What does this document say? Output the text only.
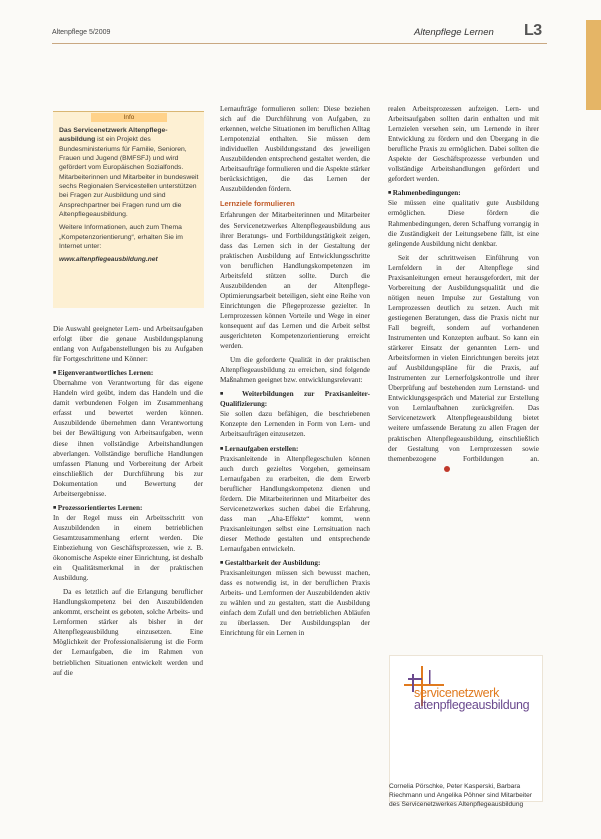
Altenpflege 5/2009	Altenpflege Lernen L3
Info

Das Servicenetzwerk Altenpflege-ausbildung ist ein Projekt des Bundesministeriums für Familie, Senioren, Frauen und Jugend (BMFSFJ) und wird gefördert vom Europäischen Sozialfonds. Mitarbeiterinnen und Mitarbeiter in bundesweit sechs Regionalen Servicestellen unterstützen bei Fragen zur Ausbildung und sind Ansprechpartner bei Fragen rund um die Altenpflegeausbildung.

Weitere Informationen, auch zum Thema „Kompetenzorientierung“, erhalten Sie im Internet unter:

www.altenpflegeausbildung.net

Die Auswahl geeigneter Lern- und Arbeitsaufgaben erfolgt über die genaue Ausbildungsplanung entlang von Aufgabenstellungen bis zu Aufgaben für Fortgeschrittene und Könner:

■ Eigenverantwortliches Lernen:

Übernahme von Verantwortung für das eigene Handeln wird geübt, indem das Handeln und die damit verbundenen Folgen im Zusammenhang erfasst und bewertet werden können. Auszubildende übernehmen dann Verantwortung bei der Bewältigung von Arbeitsaufgaben, wenn diese ihnen vollständige Arbeitshandlungen abverlangen. Vollständige berufliche Handlungen umfassen Planung und Vorbereitung der Arbeit einschließlich der Durchführung bis zur Dokumentation und Bewertung der Arbeitsergebnisse.

■ Prozessorientiertes Lernen:

In der Regel muss ein Arbeitsschritt von Auszubildenden in einem betrieblichen Gesamtzusammenhang erlernt werden. Die Einbeziehung von Geschäftsprozessen, wie z. B. ökonomische Aspekte einer Einrichtung, ist deshalb ein Qualitätsmerkmal in der praktischen Ausbildung.

Da es letztlich auf die Erlangung beruflicher Handlungskompetenz bei den Auszubildenden ankommt, erscheint es geboten, solche Arbeits- und Lernformen stärker als bisher in der Altenpflegeausbildung einzusetzen. Eine Möglichkeit der Professionalisierung ist die Form der Lernaufgaben, die im Rahmen von betrieblichen Situationen entwickelt werden und auf die

Lernaufträge formulieren sollen: Diese beziehen sich auf die Durchführung von Aufgaben, zu erkennen, welche Situationen im beruflichen Alltag Lernpotenzial enthalten. Sie müssen dem individuellen Ausbildungsstand des jeweiligen Auszubildenden entsprechend gestaltet werden, die Arbeitsaufträge formulieren und die Aspekte stärker berücksichtigen, die das Lernen der Auszubildenden fördern.

Lernziele formulieren

Erfahrungen der Mitarbeiterinnen und Mitarbeiter des Servicenetzwerkes Altenpflegeausbildung aus ihrer Beratungs- und Fortbildungstätigkeit zeigen, dass das Lernen sich in der Gestaltung der praktischen Ausbildung auf Entwicklungsschritte von beruflichen Handlungskompetenzen im Arbeitsfeld stützen sollte. Durch die Auszubildenden an der Altenpflege-Optimierungsarbeit beteiligen, sieht eine Reihe von Einrichtungen die Pflegeprozesse gezielter. In Lernprozessen können Vorteile und Wege in einer konsequent auf das Lernen und die Arbeit selbst ausgerichteten Kompetenzorientierung erreicht werden.

Um die geforderte Qualität in der praktischen Altenpflegeausbildung zu erreichen, sind folgende Maßnahmen geeignet bzw. entwicklungsrelevant:

■ Weiterbildungen zur Praxisanleiter-Qualifizierung:

Sie sollen dazu befähigen, die beschriebenen Konzepte den Lernenden in Form von Lern- und Arbeitsaufträgen einzusetzen.

■ Lernaufgaben erstellen:

Praxisanleitende in Altenpflegeschulen können auch durch gezieltes Vorgehen, gemeinsam Lernaufgaben zu erarbeiten, die dem Erwerb beruflicher Handlungskompetenz dienen und fördern. Die Mitarbeiterinnen und Mitarbeiter des Servicenetzwerkes suchen dabei die Erfahrung, dass man „Aha-Effekte“ kommt, wenn Praxisanleitungen selbst eine Lernsituation nach dieser Methode gestalten und entsprechende Lernaufgaben entwickeln.

■ Gestaltbarkeit der Ausbildung:

Praxisanleitungen müssen sich bewusst machen, dass es notwendig ist, in der beruflichen Praxis Arbeits- und Lernformen der Auszubildenden aktiv zu wählen und zu gestalten, statt die Ausbildung einfach dem Zufall und den betrieblichen Abläufen zu überlassen. Der Ausbildungsplan der Einrichtung für ein Lernen in

realen Arbeitsprozessen aufzeigen. Lern- und Arbeitsaufgaben sollten darin enthalten und mit Lernzielen versehen sein, um Lernende in ihrer Entwicklung zu fördern und den Übergang in die berufliche Praxis zu ermöglichen. Dabei sollten die Aspekte der Geschäftsprozesse verbunden und vollständige Arbeitshandlungen gefördert und gefordert werden.

■ Rahmenbedingungen:

Sie müssen eine qualitativ gute Ausbildung ermöglichen. Diese fördern die Rahmenbedingungen, deren Schaffung vorrangig in die Zuständigkeit der Leitungsebene fällt, ist eine gelingende Ausbildung nicht denkbar.

Seit der schrittweisen Einführung von Lernfeldern in der Altenpflege sind Praxisanleitungen erneut herausgefordert, mit der Vorbereitung der Ausbildungsqualität und die nötigen neuen Impulse zur Gestaltung von Lernprozessen deutlich zu setzen. Auch mit gestiegenen Beratungen, dass die Praxis nicht nur Fall begreift, sondern auf vorhandenen Instrumenten und Konzepten aufbaut. So kann ein stärkerer Einsatz der genannten Lern- und Arbeitsformen in vielen Einrichtungen bereits jetzt auf Ausbildungspläne für die Praxis, auf Instrumenten zur Lernerfolgskontrolle und ihrer Überprüfung auf bestehenden zum Lernstand- und Entwicklungsgespräch und Material zur Erstellung von Lernlaufbahnen zurückgreifen. Das Servicenetzwerk Altenpflegeausbildung bietet weitere umfassende Beratung zu allen Fragen der praktischen Altenpflegeausbildung, einschließlich der Gestaltung von Lernprozessen sowie themenbezogene Fortbildungen an.

servicenetzwerk
altenpflegeausbildung
Cornelia Pörschke, Peter Kasperski, Barbara Riechmann und Angelika Pöhner sind Mitarbeiter des Servicenetzwerkes Altenpflegeausbildung
